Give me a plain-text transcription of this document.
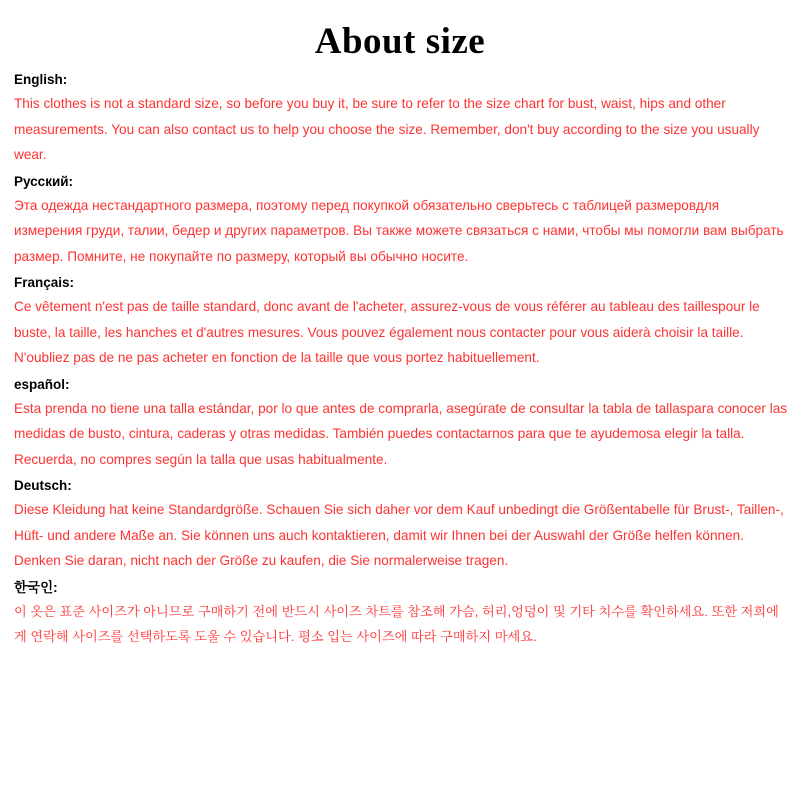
About size
English:
This clothes is not a standard size, so before you buy it, be sure to refer to the size chart for bust, waist, hips and other measurements. You can also contact us to help you choose the size. Remember, don't buy according to the size you usually wear.
Русский:
Эта одежда нестандартного размера, поэтому перед покупкой обязательно сверьтесь с таблицей размеровдля измерения груди, талии, бедер и других параметров. Вы также можете связаться с нами, чтобы мы помогли вам выбрать размер. Помните, не покупайте по размеру, который вы обычно носите.
Français:
Ce vêtement n'est pas de taille standard, donc avant de l'acheter, assurez-vous de vous référer au tableau des taillespour le buste, la taille, les hanches et d'autres mesures. Vous pouvez également nous contacter pour vous aiderà choisir la taille. N'oubliez pas de ne pas acheter en fonction de la taille que vous portez habituellement.
español:
Esta prenda no tiene una talla estándar, por lo que antes de comprarla, asegúrate de consultar la tabla de tallaspara conocer las medidas de busto, cintura, caderas y otras medidas. También puedes contactarnos para que te ayudemosa elegir la talla. Recuerda, no compres según la talla que usas habitualmente.
Deutsch:
Diese Kleidung hat keine Standardgröße. Schauen Sie sich daher vor dem Kauf unbedingt die Größentabelle für Brust-, Taillen-, Hüft- und andere Maße an. Sie können uns auch kontaktieren, damit wir Ihnen bei der Auswahl der Größe helfen können. Denken Sie daran, nicht nach der Größe zu kaufen, die Sie normalerweise tragen.
한국인:
이 옷은 표준 사이즈가 아니므로 구매하기 전에 반드시 사이즈 차트를 참조해 가슴, 허리,엉덩이 및 기타 치수를 확인하세요. 또한 저희에게 연락해 사이즈를 선택하도록 도울 수 있습니다. 평소 입는 사이즈에 따라 구매하지 마세요.
